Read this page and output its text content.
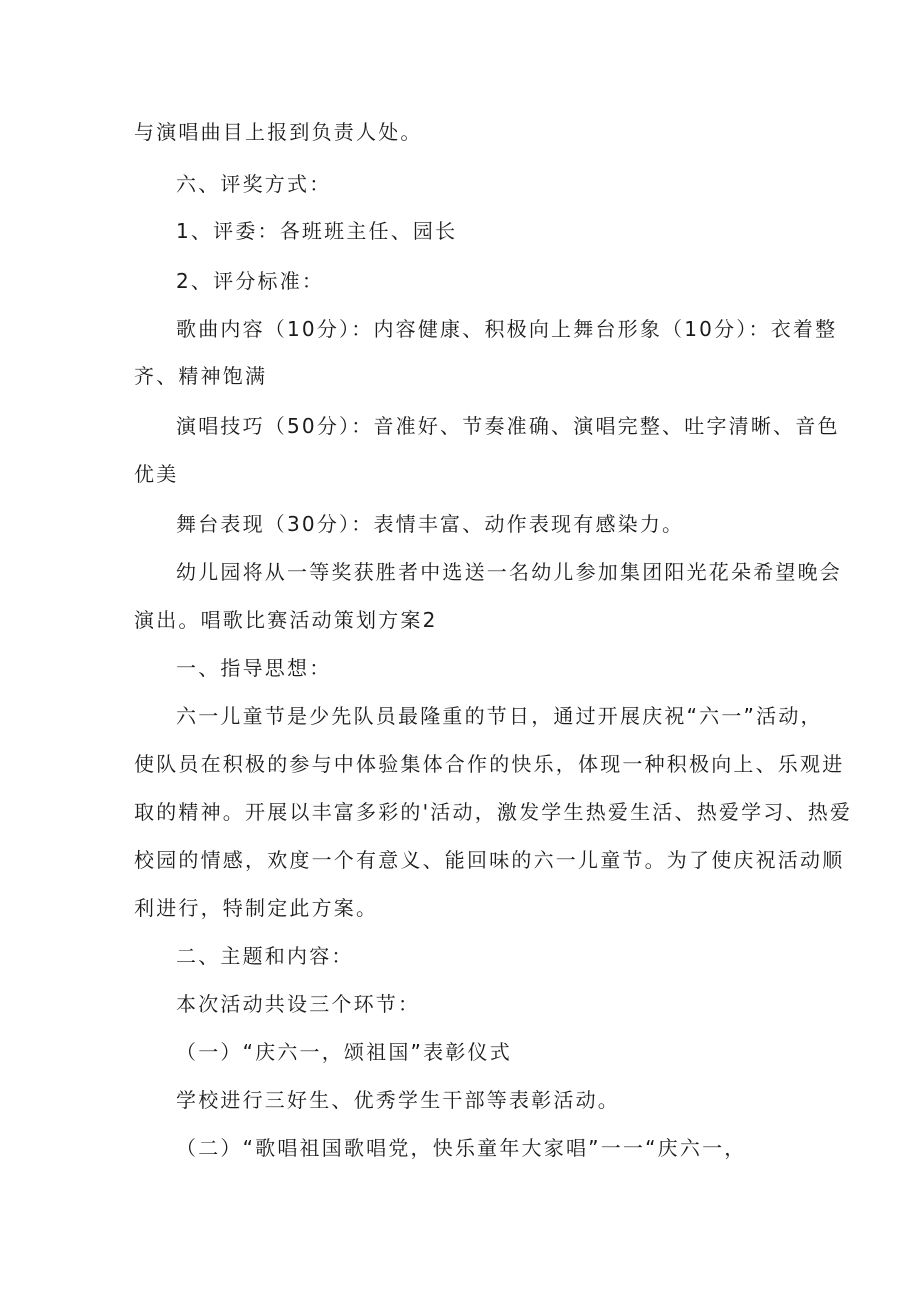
与演唱曲目上报到负责人处。
六、评奖方式：
1、评委：各班班主任、园长
2、评分标准：
歌曲内容（10分）：内容健康、积极向上舞台形象（10分）：衣着整
齐、精神饱满
演唱技巧（50分）：音准好、节奏准确、演唱完整、吐字清晰、音色
优美
舞台表现（30分）：表情丰富、动作表现有感染力。
幼儿园将从一等奖获胜者中选送一名幼儿参加集团阳光花朵希望晚会
演出。唱歌比赛活动策划方案2
一、指导思想：
六一儿童节是少先队员最隆重的节日，通过开展庆祝“六一”活动，
使队员在积极的参与中体验集体合作的快乐，体现一种积极向上、乐观进
取的精神。开展以丰富多彩的'活动，激发学生热爱生活、热爱学习、热爱
校园的情感，欢度一个有意义、能回味的六一儿童节。为了使庆祝活动顺
利进行，特制定此方案。
二、主题和内容：
本次活动共设三个环节：
（一）“庆六一，颂祖国”表彰仪式
学校进行三好生、优秀学生干部等表彰活动。
（二）“歌唱祖国歌唱党，快乐童年大家唱”一一“庆六一，
